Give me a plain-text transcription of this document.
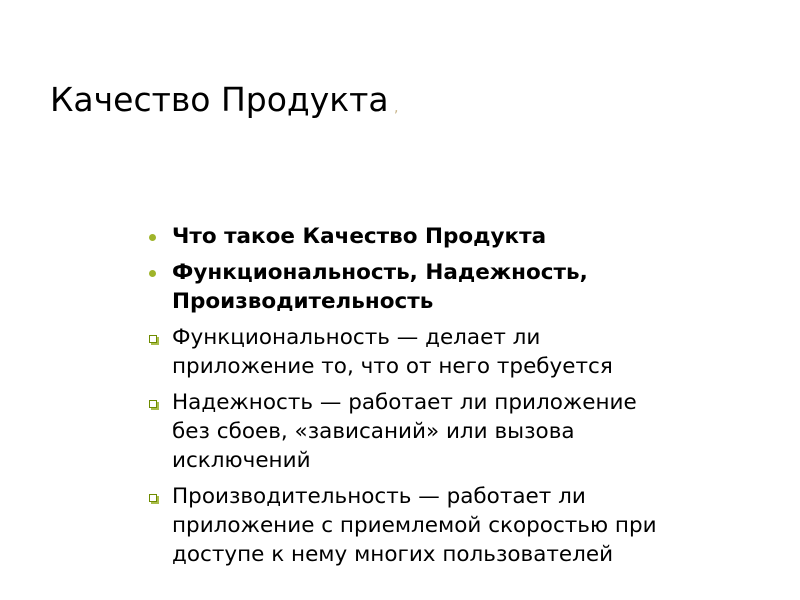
Качество Продукта ,
Что такое Качество Продукта
Функциональность, Надежность, Производительность
Функциональность — делает ли приложение то, что от него требуется
Надежность — работает ли приложение без сбоев, «зависаний» или вызова исключений
Производительность — работает ли приложение с приемлемой скоростью при доступе к нему многих пользователей
